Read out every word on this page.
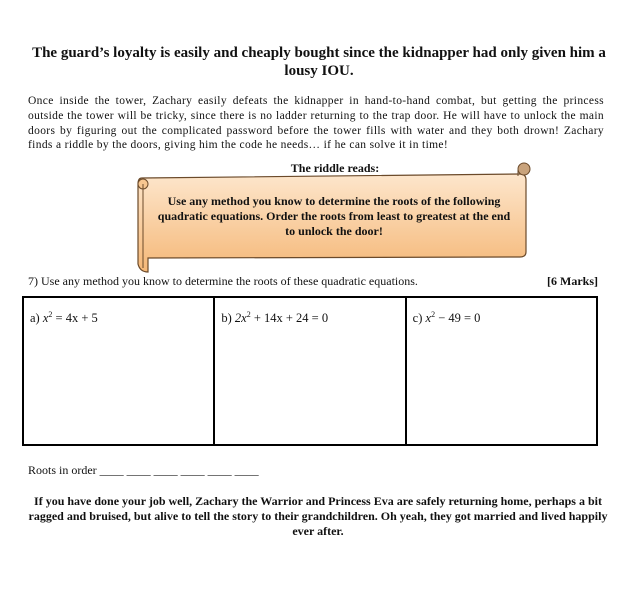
The guard’s loyalty is easily and cheaply bought since the kidnapper had only given him a lousy IOU.
Once inside the tower, Zachary easily defeats the kidnapper in hand-to-hand combat, but getting the princess outside the tower will be tricky, since there is no ladder returning to the trap door. He will have to unlock the main doors by figuring out the complicated password before the tower fills with water and they both drown! Zachary finds a riddle by the doors, giving him the code he needs… if he can solve it in time!
Use any method you know to determine the roots of the following quadratic equations. Order the roots from least to greatest at the end to unlock the door!
The riddle reads:
7) Use any method you know to determine the roots of these quadratic equations.	[6 Marks]
a) $x^2 = 4x + 5$	b) $2x^2 + 14x + 24 = 0$	c) $x^2 - 49 = 0$
Roots in order ____ ____ ____ ____ ____ ____
If you have done your job well, Zachary the Warrior and Princess Eva are safely returning home, perhaps a bit ragged and bruised, but alive to tell the story to their grandchildren. Oh yeah, they got married and lived happily ever after.
